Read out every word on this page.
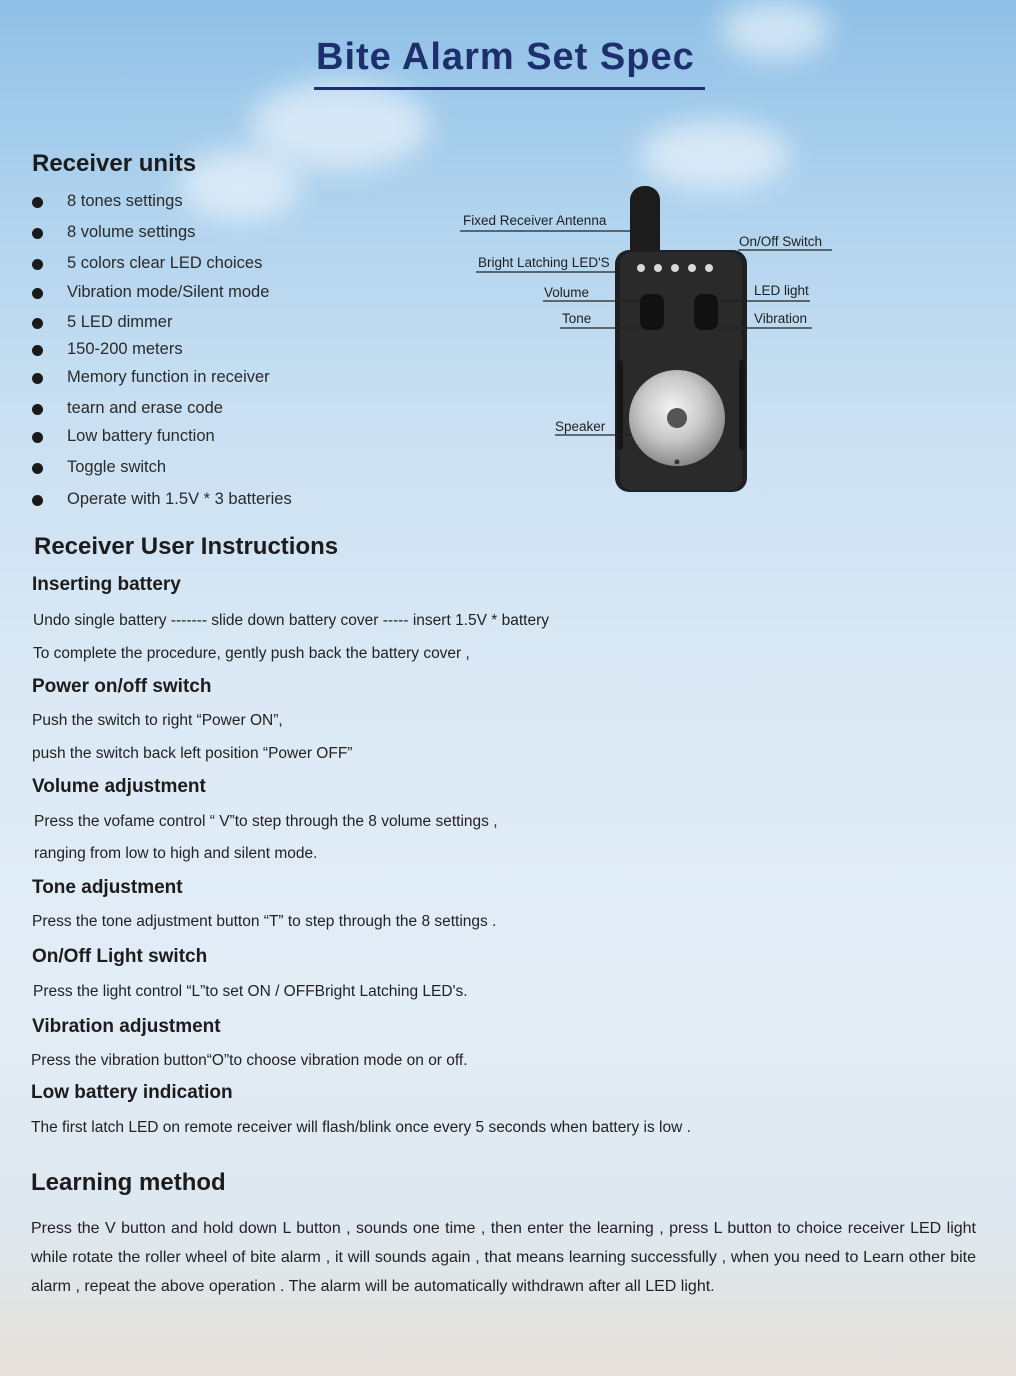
Bite Alarm Set Spec
Receiver units
8 tones settings
8 volume settings
5 colors clear LED choices
Vibration mode/Silent mode
5 LED dimmer
150-200 meters
Memory function in receiver
tearn and erase code
Low battery function
Toggle switch
Operate with 1.5V * 3 batteries
Fixed Receiver Antenna
Bright Latching LED'S
Volume
Tone
Speaker
On/Off Switch
LED light
Vibration
Receiver User Instructions
Inserting battery

Undo single battery ------- slide down battery cover ----- insert 1.5V * battery

To complete the procedure, gently push back the battery cover ,

Power on/off switch

Push the switch to right “Power ON”,

push the switch back left position “Power OFF”

Volume adjustment

Press the vofame control “ V”to step through the 8 volume settings ,

ranging from low to high and silent mode.

Tone adjustment

Press the tone adjustment button “T” to step through the 8 settings .

On/Off Light switch

Press the light control “L”to set ON / OFFBright Latching LED's.

Vibration adjustment

Press the vibration button“O”to choose vibration mode on or off.

Low battery indication

The first latch LED on remote receiver will flash/blink once every 5 seconds when battery is low .

Learning method

Press the V button and hold down L button , sounds one time , then enter the learning , press L button to choice receiver LED light while rotate the roller wheel of bite alarm , it will sounds again , that means learning successfully , when you need to Learn other bite alarm , repeat the above operation . The alarm will be automatically withdrawn after all LED light.
